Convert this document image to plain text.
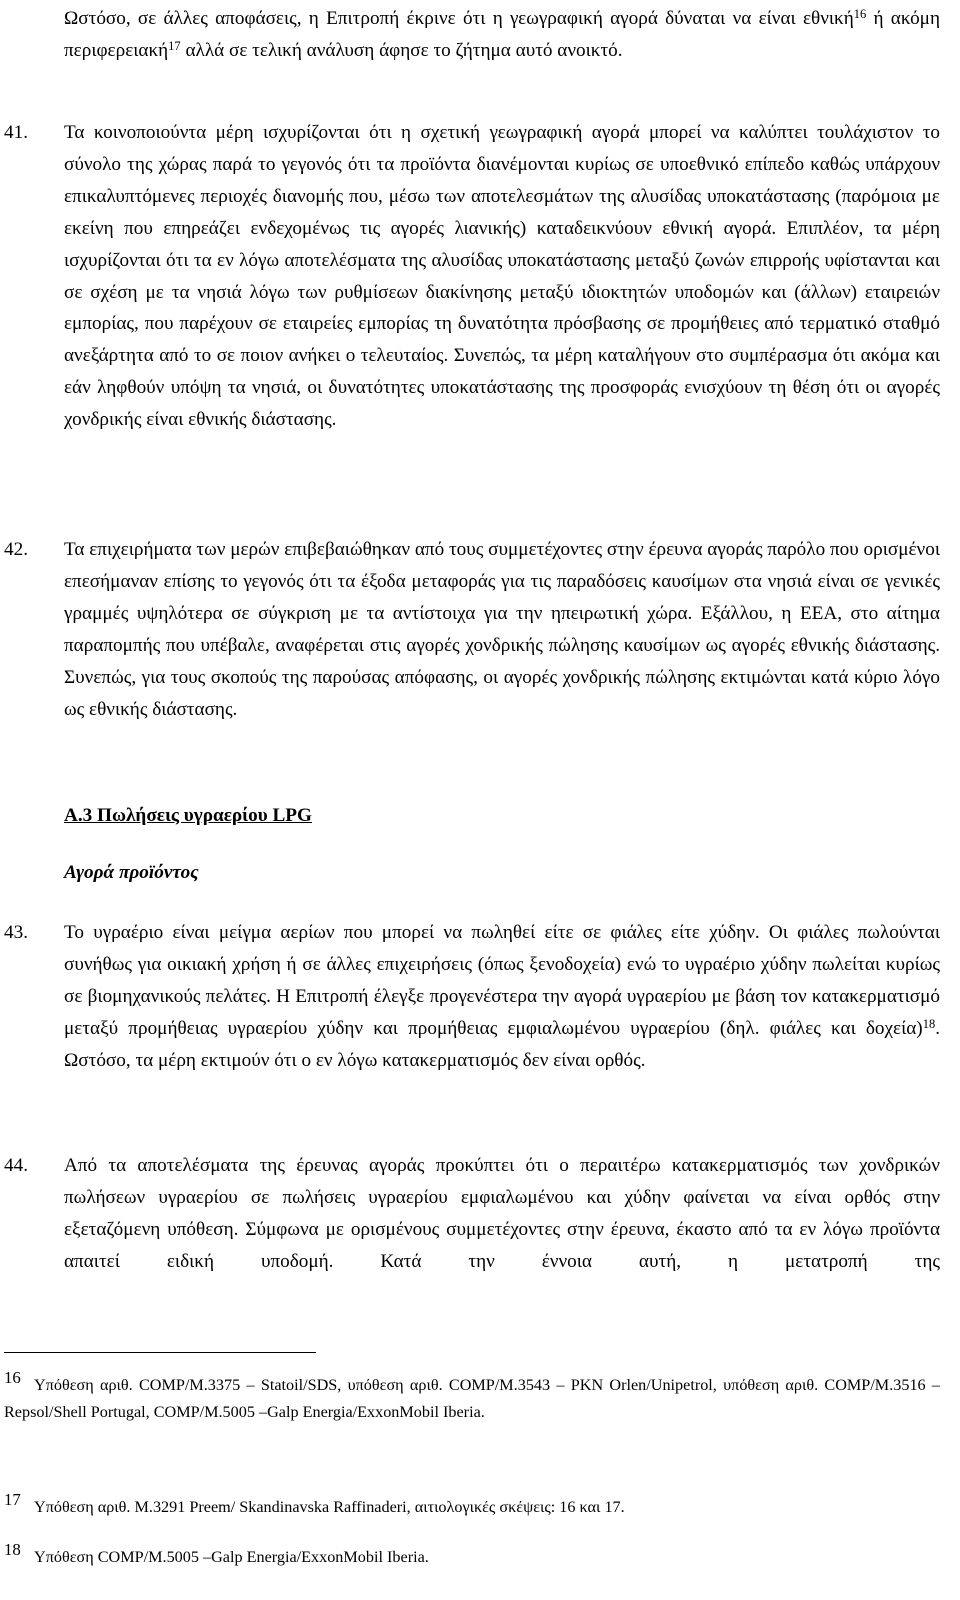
Ωστόσο, σε άλλες αποφάσεις, η Επιτροπή έκρινε ότι η γεωγραφική αγορά δύναται να είναι εθνική$^{16}$ ή ακόμη περιφερειακή$^{17}$ αλλά σε τελική ανάλυση άφησε το ζήτημα αυτό ανοικτό.

41. Τα κοινοποιούντα μέρη ισχυρίζονται ότι η σχετική γεωγραφική αγορά μπορεί να καλύπτει τουλάχιστον το σύνολο της χώρας παρά το γεγονός ότι τα προϊόντα διανέμονται κυρίως σε υποεθνικό επίπεδο καθώς υπάρχουν επικαλυπτόμενες περιοχές διανομής που, μέσω των αποτελεσμάτων της αλυσίδας υποκατάστασης (παρόμοια με εκείνη που επηρεάζει ενδεχομένως τις αγορές λιανικής) καταδεικνύουν εθνική αγορά. Επιπλέον, τα μέρη ισχυρίζονται ότι τα εν λόγω αποτελέσματα της αλυσίδας υποκατάστασης μεταξύ ζωνών επιρροής υφίστανται και σε σχέση με τα νησιά λόγω των ρυθμίσεων διακίνησης μεταξύ ιδιοκτητών υποδομών και (άλλων) εταιρειών εμπορίας, που παρέχουν σε εταιρείες εμπορίας τη δυνατότητα πρόσβασης σε προμήθειες από τερματικό σταθμό ανεξάρτητα από το σε ποιον ανήκει ο τελευταίος. Συνεπώς, τα μέρη καταλήγουν στο συμπέρασμα ότι ακόμα και εάν ληφθούν υπόψη τα νησιά, οι δυνατότητες υποκατάστασης της προσφοράς ενισχύουν τη θέση ότι οι αγορές χονδρικής είναι εθνικής διάστασης.

42. Τα επιχειρήματα των μερών επιβεβαιώθηκαν από τους συμμετέχοντες στην έρευνα αγοράς παρόλο που ορισμένοι επεσήμαναν επίσης το γεγονός ότι τα έξοδα μεταφοράς για τις παραδόσεις καυσίμων στα νησιά είναι σε γενικές γραμμές υψηλότερα σε σύγκριση με τα αντίστοιχα για την ηπειρωτική χώρα. Εξάλλου, η ΕΕΑ, στο αίτημα παραπομπής που υπέβαλε, αναφέρεται στις αγορές χονδρικής πώλησης καυσίμων ως αγορές εθνικής διάστασης. Συνεπώς, για τους σκοπούς της παρούσας απόφασης, οι αγορές χονδρικής πώλησης εκτιμώνται κατά κύριο λόγο ως εθνικής διάστασης.

A.3 Πωλήσεις υγραερίου LPG
Αγορά προϊόντος
43. Το υγραέριο είναι μείγμα αερίων που μπορεί να πωληθεί είτε σε φιάλες είτε χύδην. Οι φιάλες πωλούνται συνήθως για οικιακή χρήση ή σε άλλες επιχειρήσεις (όπως ξενοδοχεία) ενώ το υγραέριο χύδην πωλείται κυρίως σε βιομηχανικούς πελάτες. Η Επιτροπή έλεγξε προγενέστερα την αγορά υγραερίου με βάση τον κατακερματισμό μεταξύ προμήθειας υγραερίου χύδην και προμήθειας εμφιαλωμένου υγραερίου (δηλ. φιάλες και δοχεία)$^{18}$. Ωστόσο, τα μέρη εκτιμούν ότι ο εν λόγω κατακερματισμός δεν είναι ορθός.

44. Από τα αποτελέσματα της έρευνας αγοράς προκύπτει ότι ο περαιτέρω κατακερματισμός των χονδρικών πωλήσεων υγραερίου σε πωλήσεις υγραερίου εμφιαλωμένου και χύδην φαίνεται να είναι ορθός στην εξεταζόμενη υπόθεση. Σύμφωνα με ορισμένους συμμετέχοντες στην έρευνα, έκαστο από τα εν λόγω προϊόντα απαιτεί ειδική υποδομή. Κατά την έννοια αυτή, η μετατροπή της

16 Υπόθεση αριθ. COMP/M.3375 – Statoil/SDS, υπόθεση αριθ. COMP/M.3543 – PKN Orlen/Unipetrol, υπόθεση αριθ. COMP/M.3516 – Repsol/Shell Portugal, COMP/M.5005 –Galp Energia/ExxonMobil Iberia.

17 Υπόθεση αριθ. M.3291 Preem/ Skandinavska Raffinaderi, αιτιολογικές σκέψεις: 16 και 17.

18 Υπόθεση COMP/M.5005 –Galp Energia/ExxonMobil Iberia.
